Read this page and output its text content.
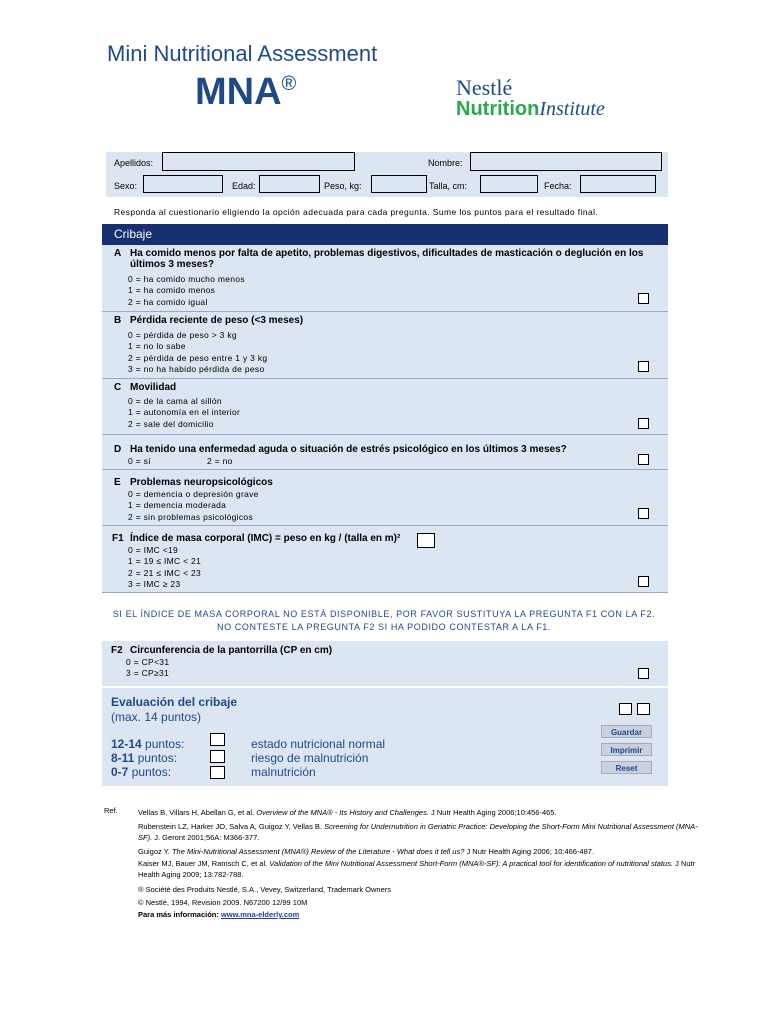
Mini Nutritional Assessment
MNA®	Nestlé
NutritionInstitute
Apellidos:	Nombre:
Sexo:	Edad:	Peso, kg:	Talla, cm:	Fecha:
Responda al cuestionario eligiendo la opción adecuada para cada pregunta. Sume los puntos para el resultado final.
Cribaje
A Ha comido menos por falta de apetito, problemas digestivos, dificultades de masticación o deglución en los últimos 3 meses?
0 = ha comido mucho menos
1 = ha comido menos
2 = ha comido igual
B Pérdida reciente de peso (<3 meses)
0 = pérdida de peso > 3 kg
1 = no lo sabe
2 = pérdida de peso entre 1 y 3 kg
3 = no ha habido pérdida de peso
C Movilidad
0 = de la cama al sillón
1 = autonomía en el interior
2 = sale del domicilio
D Ha tenido una enfermedad aguda o situación de estrés psicológico en los últimos 3 meses?
0 = sí	2 = no
E Problemas neuropsicológicos
0 = demencia o depresión grave
1 = demencia moderada
2 = sin problemas psicológicos
F1 Índice de masa corporal (IMC) = peso en kg / (talla en m)²
0 = IMC <19
1 = 19 ≤ IMC < 21
2 = 21 ≤ IMC < 23
3 = IMC ≥ 23
SI EL ÍNDICE DE MASA CORPORAL NO ESTÁ DISPONIBLE, POR FAVOR SUSTITUYA LA PREGUNTA F1 CON LA F2.
NO CONTESTE LA PREGUNTA F2 SI HA PODIDO CONTESTAR A LA F1.
F2 Circunferencia de la pantorrilla (CP en cm)
0 = CP<31
3 = CP≥31
Evaluación del cribaje
(max. 14 puntos)
Guardar
Imprimir
Reset
12-14 puntos:	estado nutricional normal
8-11 puntos:	riesgo de malnutrición
0-7 puntos:	malnutrición
Ref.	Vellas B, Villars H, Abellan G, et al. Overview of the MNA® - Its History and Challenges. J Nutr Health Aging 2006;10:456-465.
Rubenstein LZ, Harker JO, Salva A, Guigoz Y, Vellas B. Screening for Undernutrition in Geriatric Practice: Developing the Short-Form Mini Nutritional Assessment (MNA-SF). J. Geront 2001;56A: M366-377.
Guigoz Y. The Mini-Nutritional Assessment (MNA®) Review of the Literature - What does it tell us? J Nutr Health Aging 2006; 10:466-487.
Kaiser MJ, Bauer JM, Ramsch C, et al. Validation of the Mini Nutritional Assessment Short-Form (MNA®-SF): A practical tool for identification of nutritional status. J Nutr Health Aging 2009; 13:782-788.
® Société des Produits Nestlé, S.A., Vevey, Switzerland, Trademark Owners
© Nestlé, 1994, Revision 2009. N67200 12/99 10M
Para más información: www.mna-elderly.com
